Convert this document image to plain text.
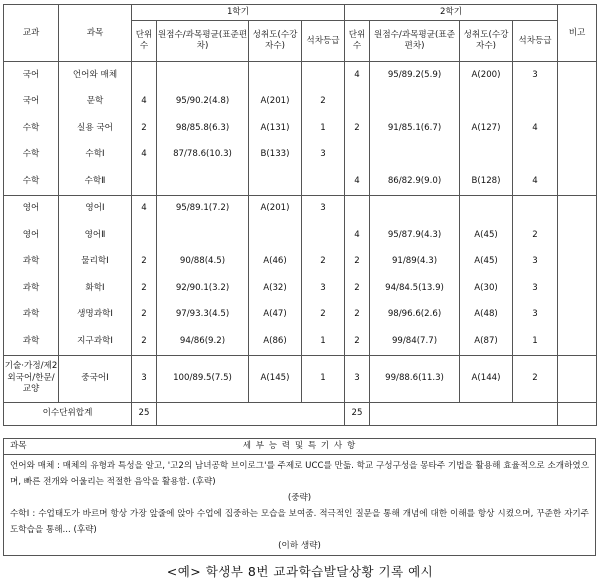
교과	과목	1학기				2학기				비고
		단위수	원점수/과목평균(표준편차)	성취도(수강자수)	석차등급	단위수	원점수/과목평균(표준편차)	성취도(수강자수)	석차등급	
국어	언어와 매체					4	95/89.2(5.9)	A(200)	3	
국어	문학	4	95/90.2(4.8)	A(201)	2					
수학	실용 국어	2	98/85.8(6.3)	A(131)	1	2	91/85.1(6.7)	A(127)	4	
수학	수학Ⅰ	4	87/78.6(10.3)	B(133)	3					
수학	수학Ⅱ					4	86/82.9(9.0)	B(128)	4	
영어	영어Ⅰ	4	95/89.1(7.2)	A(201)	3					
영어	영어Ⅱ					4	95/87.9(4.3)	A(45)	2	
과학	물리학Ⅰ	2	90/88(4.5)	A(46)	2	2	91/89(4.3)	A(45)	3	
과학	화학Ⅰ	2	92/90.1(3.2)	A(32)	3	2	94/84.5(13.9)	A(30)	3	
과학	생명과학Ⅰ	2	97/93.3(4.5)	A(47)	2	2	98/96.6(2.6)	A(48)	3	
과학	지구과학Ⅰ	2	94/86(9.2)	A(86)	1	2	99/84(7.7)	A(87)	1	
기술·가정/제2외국어/한문/교양	중국어Ⅰ	3	100/89.5(7.5)	A(145)	1	3	99/88.6(11.3)	A(144)	2	
이수단위합계		25				25				
과목	세 부 능 력 및 특 기 사 항

언어와 매체 : 매체의 유형과 특성을 알고, '고2의 남녀공학 브이로그'를 주제로 UCC를 만듦. 학교 구성구성을 몽타주 기법을 활용해 효율적으로 소개하였으며, 빠른 전개와 어울리는 적절한 음악을 활용함. (후략)

(중략)

수학Ⅰ : 수업태도가 바르며 항상 가장 앞줄에 앉아 수업에 집중하는 모습을 보여줌. 적극적인 질문을 통해 개념에 대한 이해를 항상 시켰으며, 꾸준한 자기주도학습을 통해... (후략)

(이하 생략)

<예> 학생부 8번 교과학습발달상황 기록 예시
